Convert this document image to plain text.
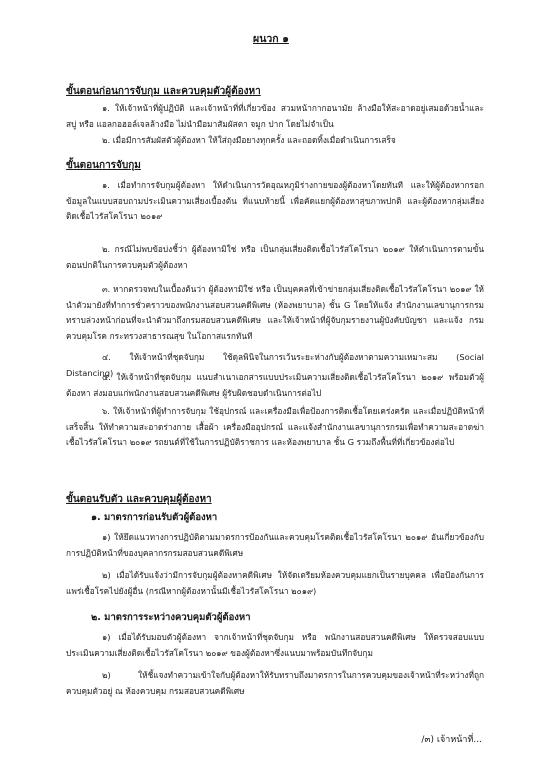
ผนวก ๑
ขั้นตอนก่อนการจับกุม และควบคุมตัวผู้ต้องหา
๑. ให้เจ้าหน้าที่ผู้ปฏิบัติ และเจ้าหน้าที่ที่เกี่ยวข้อง สวมหน้ากากอนามัย ล้างมือให้สะอาดอยู่เสมอด้วยน้ำและสบู่ หรือ แอลกอฮอล์เจลล้างมือ ไม่นำมือมาสัมผัสตา จมูก ปาก โดยไม่จำเป็น
๒. เมื่อมีการสัมผัสตัวผู้ต้องหา ให้ใส่ถุงมือยางทุกครั้ง และถอดทิ้งเมื่อดำเนินการเสร็จ
ขั้นตอนการจับกุม
๑. เมื่อทำการจับกุมผู้ต้องหา ให้ดำเนินการวัดอุณหภูมิร่างกายของผู้ต้องหาโดยทันที และให้ผู้ต้องหากรอกข้อมูลในแบบสอบถามประเมินความเสี่ยงเบื้องต้น ที่แนบท้ายนี้ เพื่อคัดแยกผู้ต้องหาสุขภาพปกติ และผู้ต้องหากลุ่มเสี่ยงติดเชื้อไวรัสโคโรนา ๒๐๑๙
๒. กรณีไม่พบข้อบ่งชี้ว่า ผู้ต้องหามิใช่ หรือ เป็นกลุ่มเสี่ยงติดเชื้อไวรัสโคโรนา ๒๐๑๙ ให้ดำเนินการตามขั้นตอนปกติในการควบคุมตัวผู้ต้องหา
๓. หากตรวจพบในเบื้องต้นว่า ผู้ต้องหามิใช่ หรือ เป็นบุคคลที่เข้าข่ายกลุ่มเสี่ยงติดเชื้อไวรัสโคโรนา ๒๐๑๙ ให้นำตัวมายังที่ทำการชั่วคราวของพนักงานสอบสวนคดีพิเศษ (ห้องพยาบาล) ชั้น G โดยให้แจ้ง สำนักงานเลขานุการกรม ทราบล่วงหน้าก่อนที่จะนำตัวมาถึงกรมสอบสวนคดีพิเศษ และให้เจ้าหน้าที่ผู้จับกุมรายงานผู้บังคับบัญชา และแจ้ง กรมควบคุมโรค กระทรวงสาธารณสุข ในโอกาสแรกทันที
๔. ให้เจ้าหน้าที่ชุดจับกุม ใช้ดุลพินิจในการเว้นระยะห่างกับผู้ต้องหาตามความเหมาะสม (Social Distancing)
๕. ให้เจ้าหน้าที่ชุดจับกุม แนบสำเนาเอกสารแบบประเมินความเสี่ยงติดเชื้อไวรัสโคโรนา ๒๐๑๙ พร้อมตัวผู้ต้องหา ส่งมอบแก่พนักงานสอบสวนคดีพิเศษ ผู้รับผิดชอบดำเนินการต่อไป
๖. ให้เจ้าหน้าที่ผู้ทำการจับกุม ใช้อุปกรณ์ และเครื่องมือเพื่อป้องการติดเชื้อโดยเคร่งครัด และเมื่อปฏิบัติหน้าที่เสร็จสิ้น ให้ทำความสะอาดร่างกาย เสื้อผ้า เครื่องมืออุปกรณ์ และแจ้งสำนักงานเลขานุการกรมเพื่อทำความสะอาดฆ่าเชื้อไวรัสโคโรนา ๒๐๑๙ รถยนต์ที่ใช้ในการปฏิบัติราชการ และห้องพยาบาล ชั้น G รวมถึงพื้นที่ที่เกี่ยวข้องต่อไป
ขั้นตอนรับตัว และควบคุมผู้ต้องหา
๑. มาตรการก่อนรับตัวผู้ต้องหา
๑) ให้ยึดแนวทางการปฏิบัติตามมาตรการป้องกันและควบคุมโรคติดเชื้อไวรัสโคโรนา ๒๐๑๙ อันเกี่ยวข้องกับการปฏิบัติหน้าที่ของบุคลากรกรมสอบสวนคดีพิเศษ
๒) เมื่อได้รับแจ้งว่ามีการจับกุมผู้ต้องหาคดีพิเศษ ให้จัดเตรียมห้องควบคุมแยกเป็นรายบุคคล เพื่อป้องกันการแพร่เชื้อโรคไปยังผู้อื่น (กรณีหากผู้ต้องหานั้นมีเชื้อไวรัสโคโรนา ๒๐๑๙)
๒. มาตรการระหว่างควบคุมตัวผู้ต้องหา
๑) เมื่อได้รับมอบตัวผู้ต้องหา จากเจ้าหน้าที่ชุดจับกุม หรือ พนักงานสอบสวนคดีพิเศษ ให้ตรวจสอบแบบประเมินความเสี่ยงติดเชื้อไวรัสโคโรนา ๒๐๑๙ ของผู้ต้องหาซึ่งแนบมาพร้อมบันทึกจับกุม
๒) ให้ชี้แจงทำความเข้าใจกับผู้ต้องหาให้รับทราบถึงมาตรการในการควบคุมของเจ้าหน้าที่ระหว่างที่ถูกควบคุมตัวอยู่ ณ ห้องควบคุม กรมสอบสวนคดีพิเศษ
/๓) เจ้าหน้าที่...
